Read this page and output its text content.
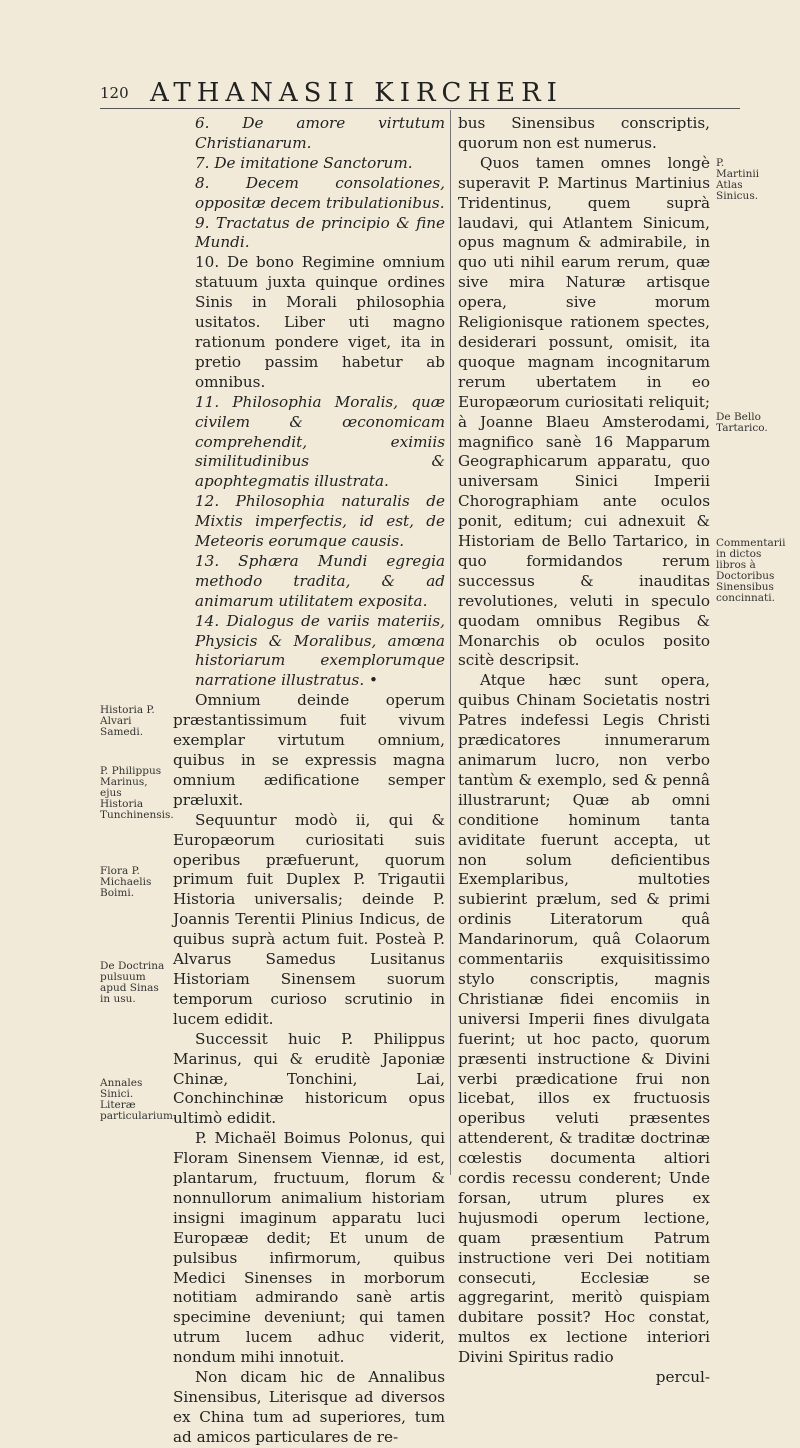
120 ATHANASII KIRCHERI

6. De amore virtutum Christianarum.

7. De imitatione Sanctorum.

8. Decem consolationes, oppositæ decem tribulationibus.

9. Tractatus de principio & fine Mundi.

10. De bono Regimine omnium statuum juxta quinque ordines Sinis in Morali philosophia usitatos. Liber uti magno rationum pondere viget, ita in pretio passim habetur ab omnibus.

11. Philosophia Moralis, quæ civilem & œconomicam comprehendit, eximiis similitudinibus & apophtegmatis illustrata.

12. Philosophia naturalis de Mixtis imperfectis, id est, de Meteoris eorumque causis.

13. Sphæra Mundi egregia methodo tradita, & ad animarum utilitatem exposita.

14. Dialogus de variis materiis, Physicis & Moralibus, amœna historiarum exemplorumque narratione illustratus. •

Omnium deinde operum præstantissimum fuit vivum exemplar virtutum omnium, quibus in se expressis magna omnium ædificatione semper præluxit.

Sequuntur modò ii, qui & Europæorum curiositati suis operibus præfuerunt, quorum primum fuit Duplex P. Trigautii Historia universalis; deinde P. Joannis Terentii Plinius Indicus, de quibus suprà actum fuit. Posteà P. Alvarus Samedus Lusitanus Historiam Sinensem suorum temporum curioso scrutinio in lucem edidit.

Successit huic P. Philippus Marinus, qui & eruditè Japoniæ Chinæ, Tonchini, Lai, Conchinchinæ historicum opus ultimò edidit.

P. Michaël Boimus Polonus, qui Floram Sinensem Viennæ, id est, plantarum, fructuum, florum & nonnullorum animalium historiam insigni imaginum apparatu luci Europææ dedit; Et unum de pulsibus infirmorum, quibus Medici Sinenses in morborum notitiam admirando sanè artis specimine deveniunt; qui tamen utrum lucem adhuc viderit, nondum mihi innotuit.

Non dicam hic de Annalibus Sinensibus, Literisque ad diversos ex China tum ad superiores, tum ad amicos particulares de re-

bus Sinensibus conscriptis, quorum non est numerus.

Quos tamen omnes longè superavit P. Martinus Martinius Tridentinus, quem suprà laudavi, qui Atlantem Sinicum, opus magnum & admirabile, in quo uti nihil earum rerum, quæ sive mira Naturæ artisque opera, sive morum Religionisque rationem spectes, desiderari possunt, omisit, ita quoque magnam incognitarum rerum ubertatem in eo Europæorum curiositati reliquit; à Joanne Blaeu Amsterodami, magnifico sanè 16 Mapparum Geographicarum apparatu, quo universam Sinici Imperii Chorographiam ante oculos ponit, editum; cui adnexuit & Historiam de Bello Tartarico, in quo formidandos rerum successus & inauditas revolutiones, veluti in speculo quodam omnibus Regibus & Monarchis ob oculos posito scitè descripsit.

Atque hæc sunt opera, quibus Chinam Societatis nostri Patres indefessi Legis Christi prædicatores innumerarum animarum lucro, non verbo tantùm & exemplo, sed & pennâ illustrarunt; Quæ ab omni conditione hominum tanta aviditate fuerunt accepta, ut non solum deficientibus Exemplaribus, multoties subierint prælum, sed & primi ordinis Literatorum quâ Mandarinorum, quâ Colaorum commentariis exquisitissimo stylo conscriptis, magnis Christianæ fidei encomiis in universi Imperii fines divulgata fuerint; ut hoc pacto, quorum præsenti instructione & Divini verbi prædicatione frui non licebat, illos ex fructuosis operibus veluti præsentes attenderent, & traditæ doctrinæ cœlestis documenta altiori cordis recessu conderent; Unde forsan, utrum plures ex hujusmodi operum lectione, quam præsentium Patrum instructione veri Dei notitiam consecuti, Ecclesiæ se aggregarint, meritò quispiam dubitare possit? Hoc constat, multos ex lectione interiori Divini Spiritus radio

percul-

Historia P. Alvari Samedi.
P. Philippus Marinus, ejus Historia Tunchinensis.
Flora P. Michaelis Boimi.
De Doctrina pulsuum apud Sinas in usu.
Annales Sinici. Literæ particularium.
P. Martinii Atlas Sinicus.
De Bello Tartarico.
Commentarii in dictos libros à Doctoribus Sinensibus concinnati.
